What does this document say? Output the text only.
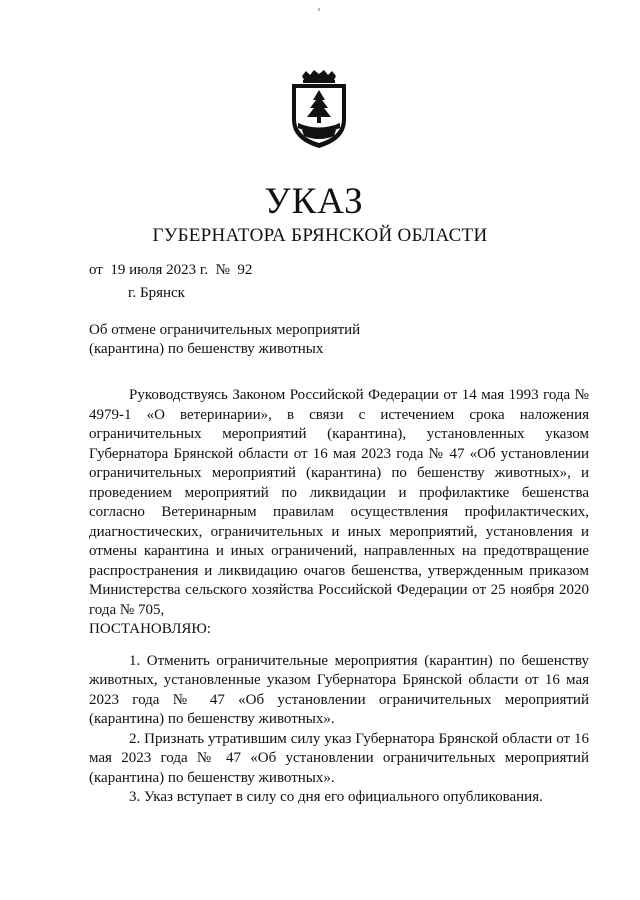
УКАЗ
ГУБЕРНАТОРА БРЯНСКОЙ ОБЛАСТИ
от  19 июля 2023 г.  №  92
г. Брянск
Об отмене ограничительных мероприятий
(карантина) по бешенству животных

Руководствуясь Законом Российской Федерации от 14 мая 1993 года № 4979-1 «О ветеринарии», в связи с истечением срока наложения ограничительных мероприятий (карантина), установленных указом Губернатора Брянской области от 16 мая 2023 года № 47 «Об установлении ограничительных мероприятий (карантина) по бешенству животных», и проведением мероприятий по ликвидации и профилактике бешенства согласно Ветеринарным правилам осуществления профилактических, диагностических, ограничительных и иных мероприятий, установления и отмены карантина и иных ограничений, направленных на предотвращение распространения и ликвидацию очагов бешенства, утвержденным приказом Министерства сельского хозяйства Российской Федерации от 25 ноября 2020 года № 705,

ПОСТАНОВЛЯЮ:

1. Отменить ограничительные мероприятия (карантин) по бешенству животных, установленные указом Губернатора Брянской области от 16 мая 2023 года № 47 «Об установлении ограничительных мероприятий (карантина) по бешенству животных».

2. Признать утратившим силу указ Губернатора Брянской области от 16 мая 2023 года № 47 «Об установлении ограничительных мероприятий (карантина) по бешенству животных».

3. Указ вступает в силу со дня его официального опубликования.
